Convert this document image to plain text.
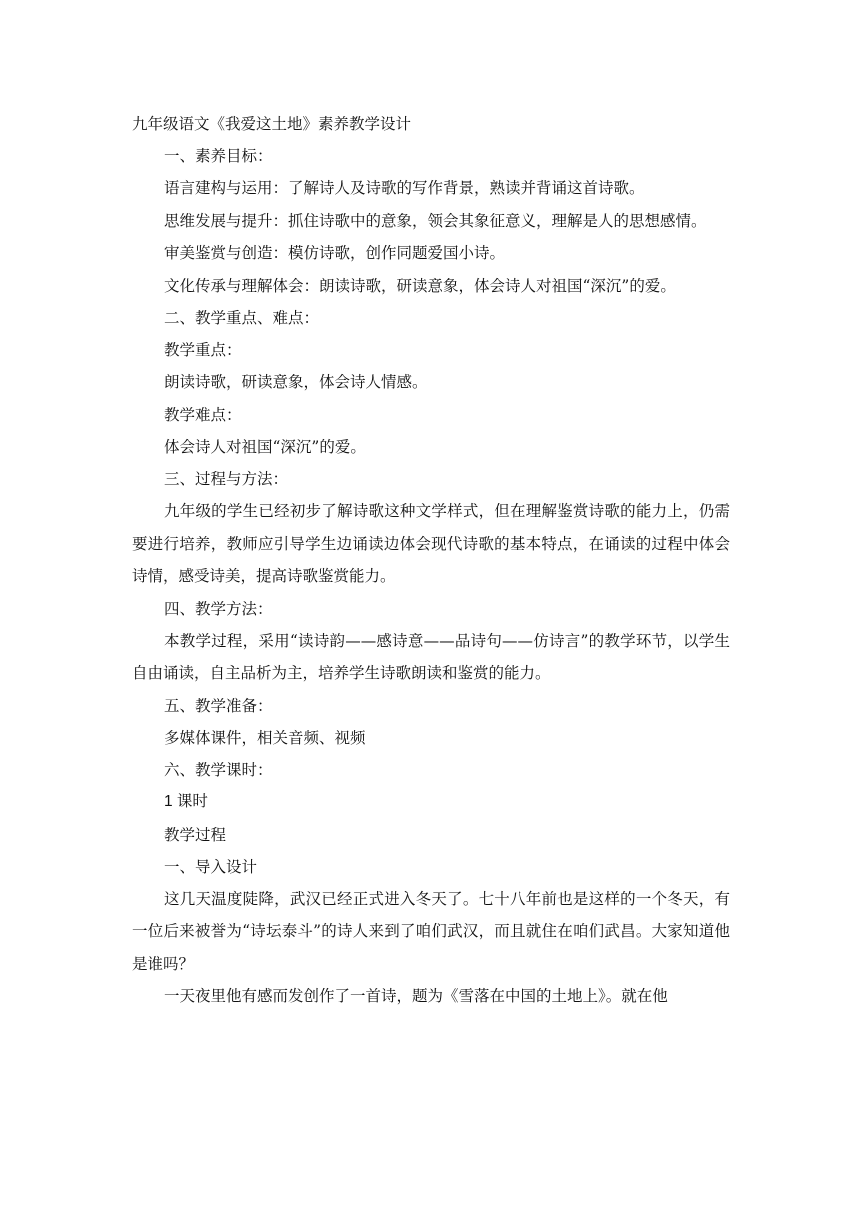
九年级语文《我爱这土地》素养教学设计

一、素养目标：

语言建构与运用：了解诗人及诗歌的写作背景，熟读并背诵这首诗歌。

思维发展与提升：抓住诗歌中的意象，领会其象征意义，理解是人的思想感情。

审美鉴赏与创造：模仿诗歌，创作同题爱国小诗。

文化传承与理解体会：朗读诗歌，研读意象，体会诗人对祖国“深沉”的爱。

二、教学重点、难点：

教学重点：

朗读诗歌，研读意象，体会诗人情感。

教学难点：

体会诗人对祖国“深沉”的爱。

三、过程与方法：

九年级的学生已经初步了解诗歌这种文学样式，但在理解鉴赏诗歌的能力上，仍需要进行培养，教师应引导学生边诵读边体会现代诗歌的基本特点，在诵读的过程中体会诗情，感受诗美，提高诗歌鉴赏能力。

四、教学方法：

本教学过程，采用“读诗韵——感诗意——品诗句——仿诗言”的教学环节，以学生自由诵读，自主品析为主，培养学生诗歌朗读和鉴赏的能力。

五、教学准备：

多媒体课件，相关音频、视频

六、教学课时：

1 课时

教学过程

一、导入设计

这几天温度陡降，武汉已经正式进入冬天了。七十八年前也是这样的一个冬天，有一位后来被誉为“诗坛泰斗”的诗人来到了咱们武汉，而且就住在咱们武昌。大家知道他是谁吗？

一天夜里他有感而发创作了一首诗，题为《雪落在中国的土地上》。就在他
